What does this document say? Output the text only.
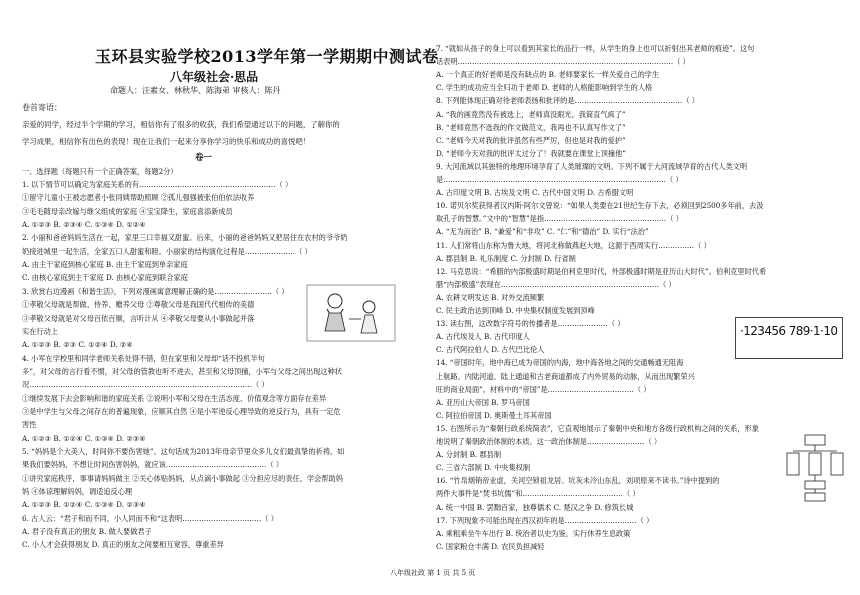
玉环县实验学校2013学年第一学期期中测试卷
八年级社会·思品
命题人：汪素女、林秋华、陈海弟 审核人：陈丹
卷首寄语：
亲爱的同学，经过半个学期的学习，相信你有了很多的收获，我们希望通过以下的问题，了解你的
学习成果，相信你有出色的表现！现在让我们一起来分享你学习的快乐和成功的喜悦吧！
卷一
一、选择题（每题只有一个正确答案，每题2分）
1. 以下情节可以确定为家庭关系的有…………………………………………………（ ）
①留守儿童小王被志愿者小张同姨帮助照顾 ②孤儿强强被张伯伯依法收养
③毛毛随母亲改嫁与继父组成的家庭 ④宝宝降生，家庭喜添新成员
A. ①②③ B. ②③④ C. ①③④ D. ①②④
2. 小丽和爸爸妈妈生活在一起，家里三口幸福又甜蜜。后来，小丽的爸爸妈妈又把居住在农村的爷爷奶
奶接进城里一起生活，全家五口人甜蜜和睦。小丽家的结构演化过程是…………………（ ）
A. 由主干家庭到核心家庭 B. 由主干家庭到单亲家庭
C. 由核心家庭到主干家庭 D. 由核心家庭到联合家庭
3. 欣赏右边漫画《和谐生活》，下列对漫画寓意理解正确的是……………………（ ）
①孝敬父母就是帮做、侍养、赡养父母 ②尊敬父母是我国代代相传的美德
③孝敬父母就是对父母百依百顺，言听计从 ④孝敬父母要从小事做起并落
实在行动上
A. ①②③ B. ②③ C. ①②④ D. ②④
4. 小军在学校里和同学老师关系处得不错，但在家里和父母却“话不投机半句
多”，对父母的言行看不惯，对父母的管教也听不进去，甚至和父母顶撞，小军与父母之间出现这种状
况…………………………………………………………………………………（ ）
①继续发展下去会影响和谐的家庭关系 ②说明小军和父母在生活态度、价值观念等方面存在差异
③是中学生与父母之间存在的普遍现象，应顺其自然 ④是小军逆反心理导致的逆反行为，具有一定危
害性
A. ①②③ B. ①②④ C. ①③④ D. ②③④
5. “妈妈是个大美人，时间你不要伤害她”。这句话成为2013年母亲节里众多儿女们最真挚的祈祷。如
果我们要妈妈，不想让时间伤害妈妈，就应该……………………………………（ ）
①讲究家庭秩序，事事请妈妈做主 ②关心体贴妈妈，从点滴小事做起 ③分担应尽的责任，学会帮助妈
妈 ④体谅理解妈妈，调适追反心理
A. ①②③ B. ①②④ C. ①③④ D. ②③④
6. 古人云：“君子和而不同，小人同而不和“这表明……………………………（ ）
A. 君子没有真正的朋友 B. 做人要做君子
C. 小人才会获得朋友 D. 真正的朋友之间要相互宽容，尊重差异
7. “就如从孩子的身上可以看到其家长的品行一样，从学生的身上也可以折射出其老师的痕迹”。这句
话表明………………………………………………………………………………（ ）
A. 一个真正的好老师是没有缺点的 B. 老师要家长一样关爱自己的学生
C. 学生的成功应当全归功于老师 D. 老师的人格能影响到学生的人格
8. 下列能体现正确对待老师表扬和批评的是………………………………………（ ）
A. “我的画竟然没有被选上，老师真没眼光，我简直气疯了”
B. “老师竟然不选我的作文做范文，我再也不认真写作文了”
C. “老师今天对我的批评虽然有些严厉，但也是对我的爱护”
D. “老师今天对我的批评太过分了！我就要在课堂上顶撞他”
9. 大河流域以其独特的地理环境孕育了人类璀璨的文明。下列不属于大河流域孕育的古代人类文明
是…………………………………………………………………………………（ ）
A. 古印度文明 B. 古埃及文明 C. 古代中国文明 D. 古希腊文明
10. 诺贝尔奖获得者汉内斯·阿尔文曾说：“如果人类要在21世纪生存下去，必须回到2500多年前，去汲
取孔子的智慧。”文中的“智慧”是指……………………………………………（ ）
A. “无为而治” B. “兼爱”和“非攻” C. “仁”和“德治” D. 实行“法治”
11. 人们常将山东称为鲁大地，将河北称做燕赵大地，这源于西周实行……………（ ）
A. 郡县制 B. 礼乐制度 C. 分封制 D. 行省制
12. 马克思说：“希腊的内部极盛时期是伯利克里时代，外部极盛时期是亚历山大时代”。伯利克里时代希
腊“内部极盛”表现在…………………………………………………………（ ）
A. 农耕文明发达 B. 对外交流频繁
C. 民主政治达到顶峰 D. 中央集权制度发展到顶峰
13. 读右图，这改数字符号的传播者是…………………（ ）
A. 古代埃及人 B. 古代印度人
C. 古代阿拉伯人 D. 古代巴比伦人
14. “帝国时年，地中海已成为帝国的内海，地中海各地之间的交通畅通无阻海
上航路、内陆河道、陆上通道和古老商道都成了内外贸易的动脉，从而出现繁荣兴
旺的商业局面”。材料中的“帝国”是………………………………（ ）
A. 亚历山大帝国 B. 罗马帝国
C. 阿拉伯帝国 D. 奥斯曼土耳其帝国
15. 右图所示为“秦朝行政系统简表”，它直观地展示了秦朝中央和地方各级行政机构之间的关系，形象
地说明了秦朝政治体制的本质。这一政治体制是……………………（ ）
A. 分封制 B. 郡县制
C. 三省六部制 D. 中央集权制
16. “竹帛烟销帝业虚，关河空锁祖龙居。坑灰未冷山东乱，刘项原来不读书。”诗中提到的
两件大事件是“焚书坑儒”和……………………………………（ ）
A. 统一中国 B. 罢黜百家，独尊儒术 C. 楚汉之争 D. 修筑长城
17. 下列现象不可能出现在西汉初年的是…………………………（ ）
A. 乘粗乘坐牛车出行 B. 统治者以史为鉴，实行休养生息政策
C. 国家粮仓丰满 D. 农民负担减轻
·123456 789·1·10
八年级社政 第 1 页 共 5 页
